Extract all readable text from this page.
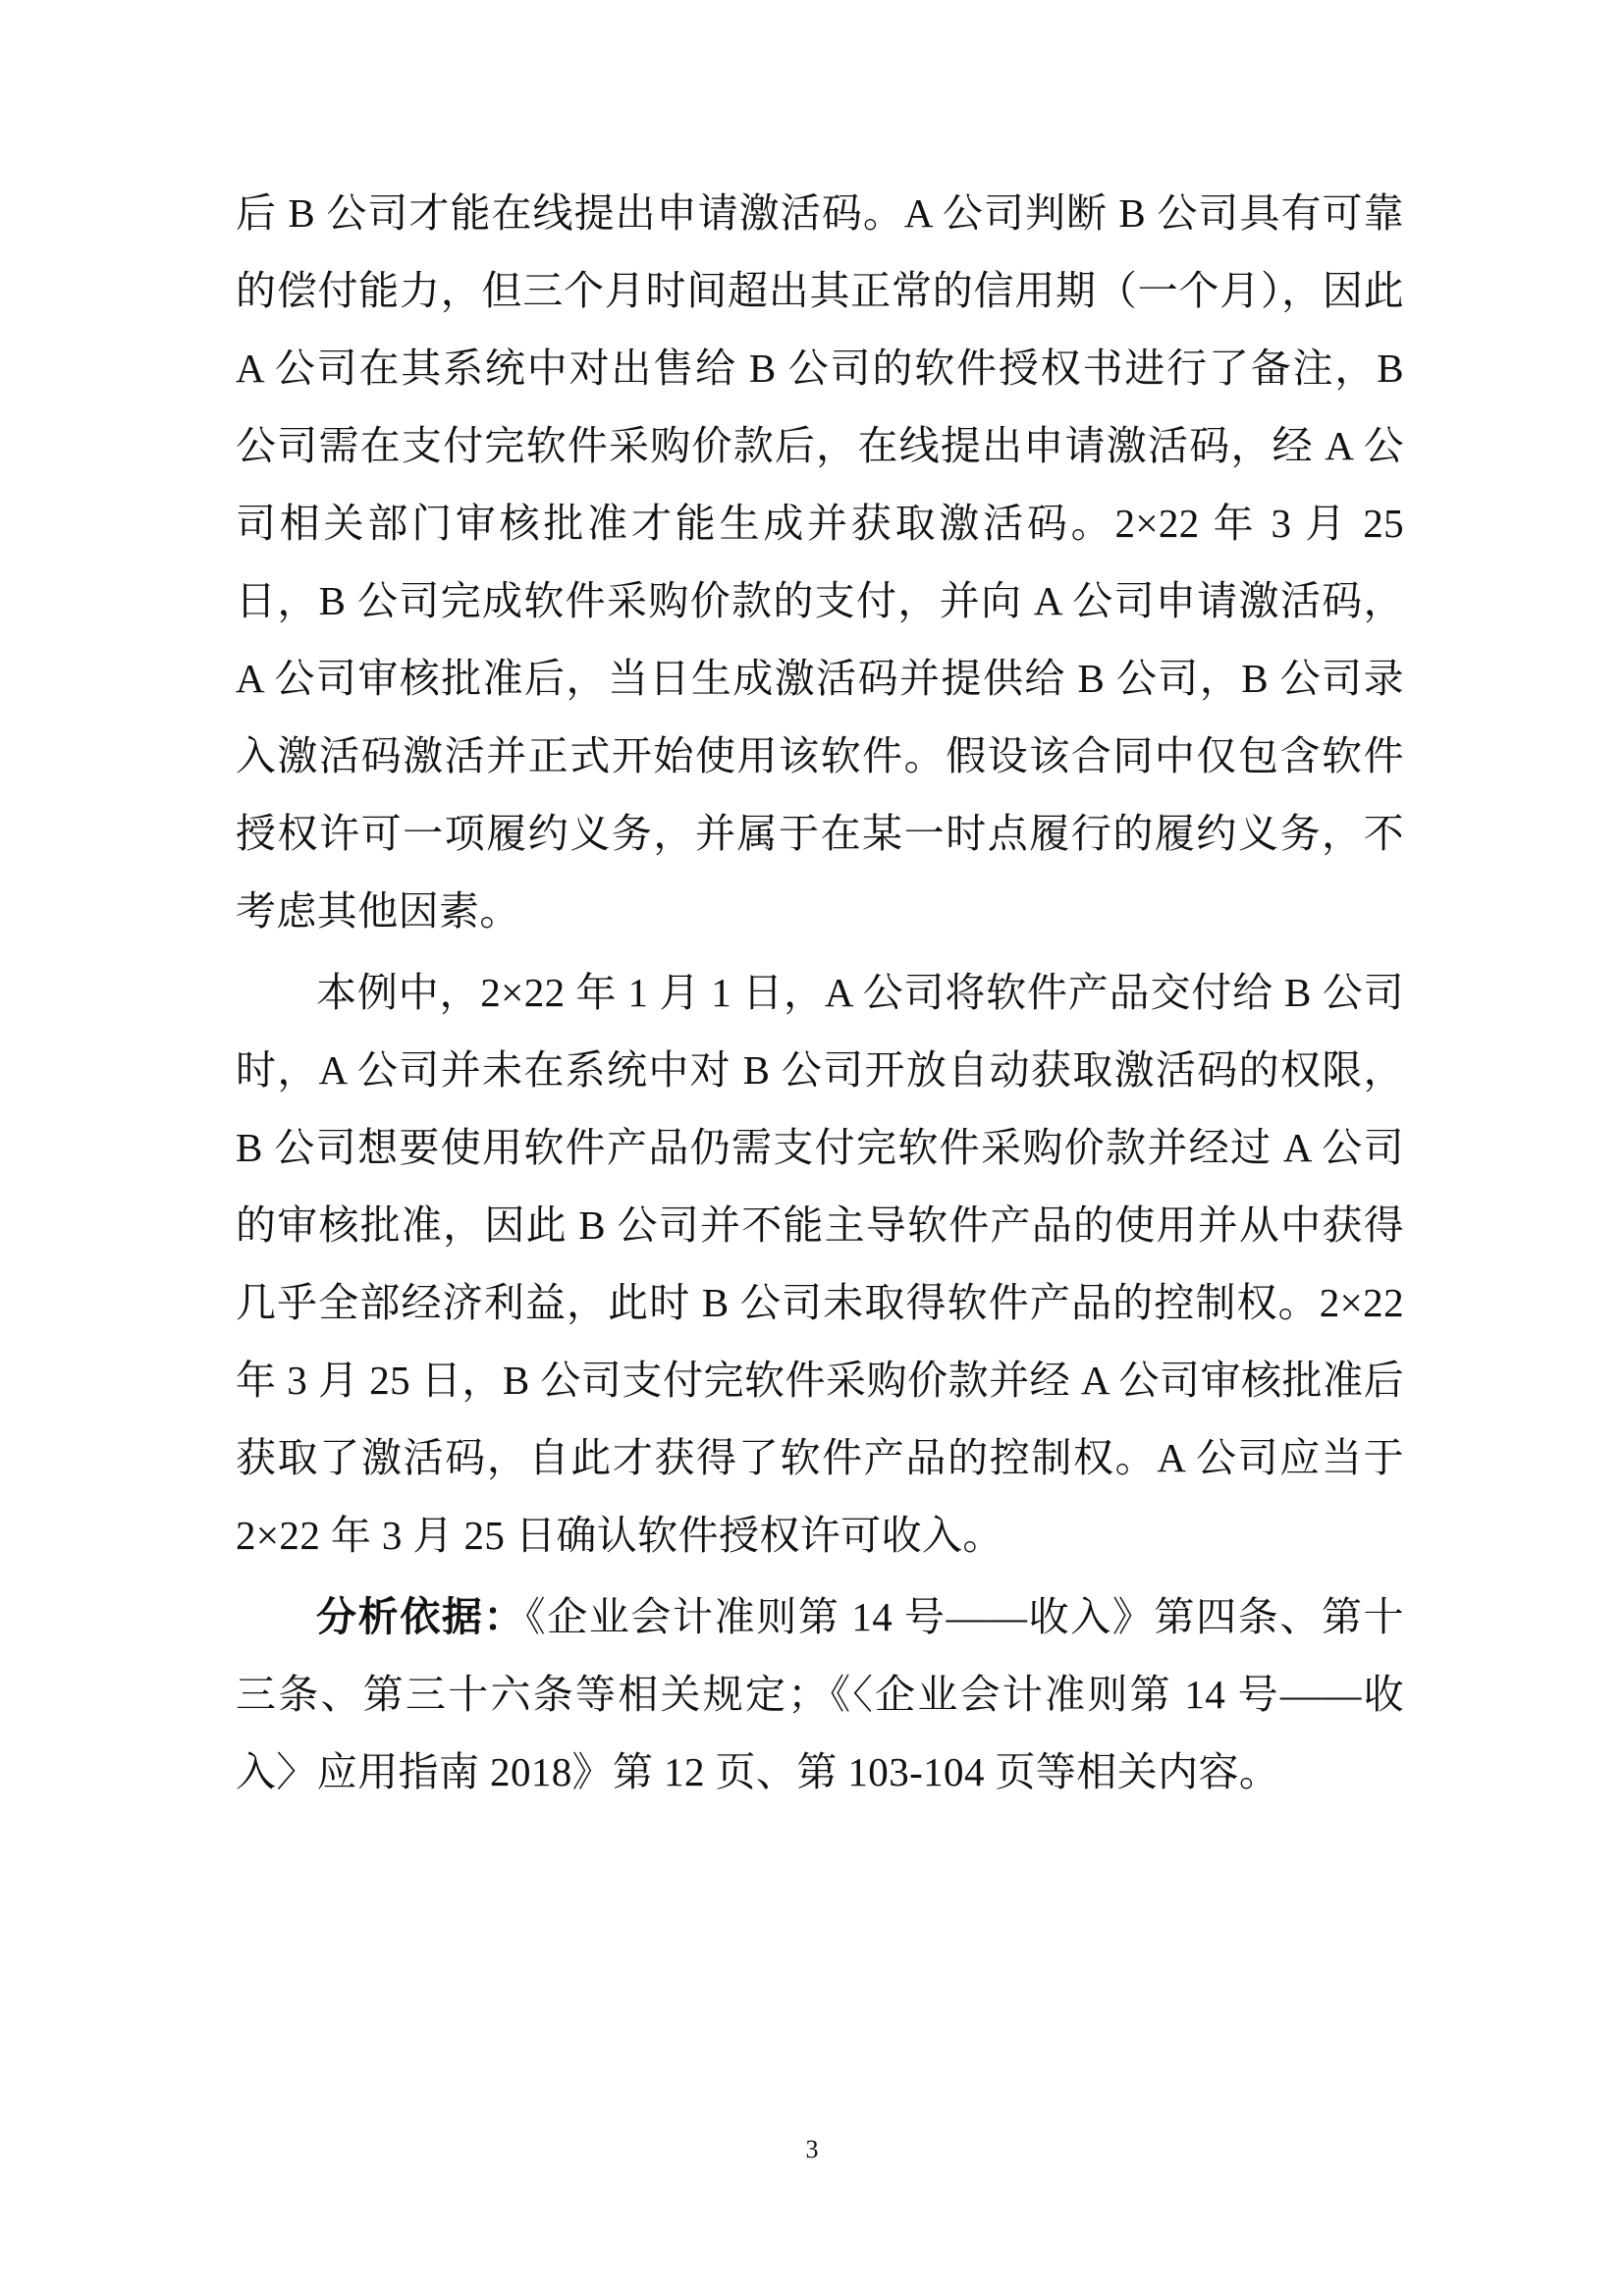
后 B 公司才能在线提出申请激活码。A 公司判断 B 公司具有可靠的偿付能力，但三个月时间超出其正常的信用期（一个月），因此 A 公司在其系统中对出售给 B 公司的软件授权书进行了备注，B 公司需在支付完软件采购价款后，在线提出申请激活码，经 A 公司相关部门审核批准才能生成并获取激活码。2×22 年 3 月 25 日，B 公司完成软件采购价款的支付，并向 A 公司申请激活码，A 公司审核批准后，当日生成激活码并提供给 B 公司，B 公司录入激活码激活并正式开始使用该软件。假设该合同中仅包含软件授权许可一项履约义务，并属于在某一时点履行的履约义务，不考虑其他因素。

本例中，2×22 年 1 月 1 日，A 公司将软件产品交付给 B 公司时，A 公司并未在系统中对 B 公司开放自动获取激活码的权限，B 公司想要使用软件产品仍需支付完软件采购价款并经过 A 公司的审核批准，因此 B 公司并不能主导软件产品的使用并从中获得几乎全部经济利益，此时 B 公司未取得软件产品的控制权。2×22 年 3 月 25 日，B 公司支付完软件采购价款并经 A 公司审核批准后获取了激活码，自此才获得了软件产品的控制权。A 公司应当于 2×22 年 3 月 25 日确认软件授权许可收入。

分析依据：《企业会计准则第 14 号——收入》第四条、第十三条、第三十六条等相关规定；《〈企业会计准则第 14 号——收入〉应用指南 2018》第 12 页、第 103-104 页等相关内容。

3
